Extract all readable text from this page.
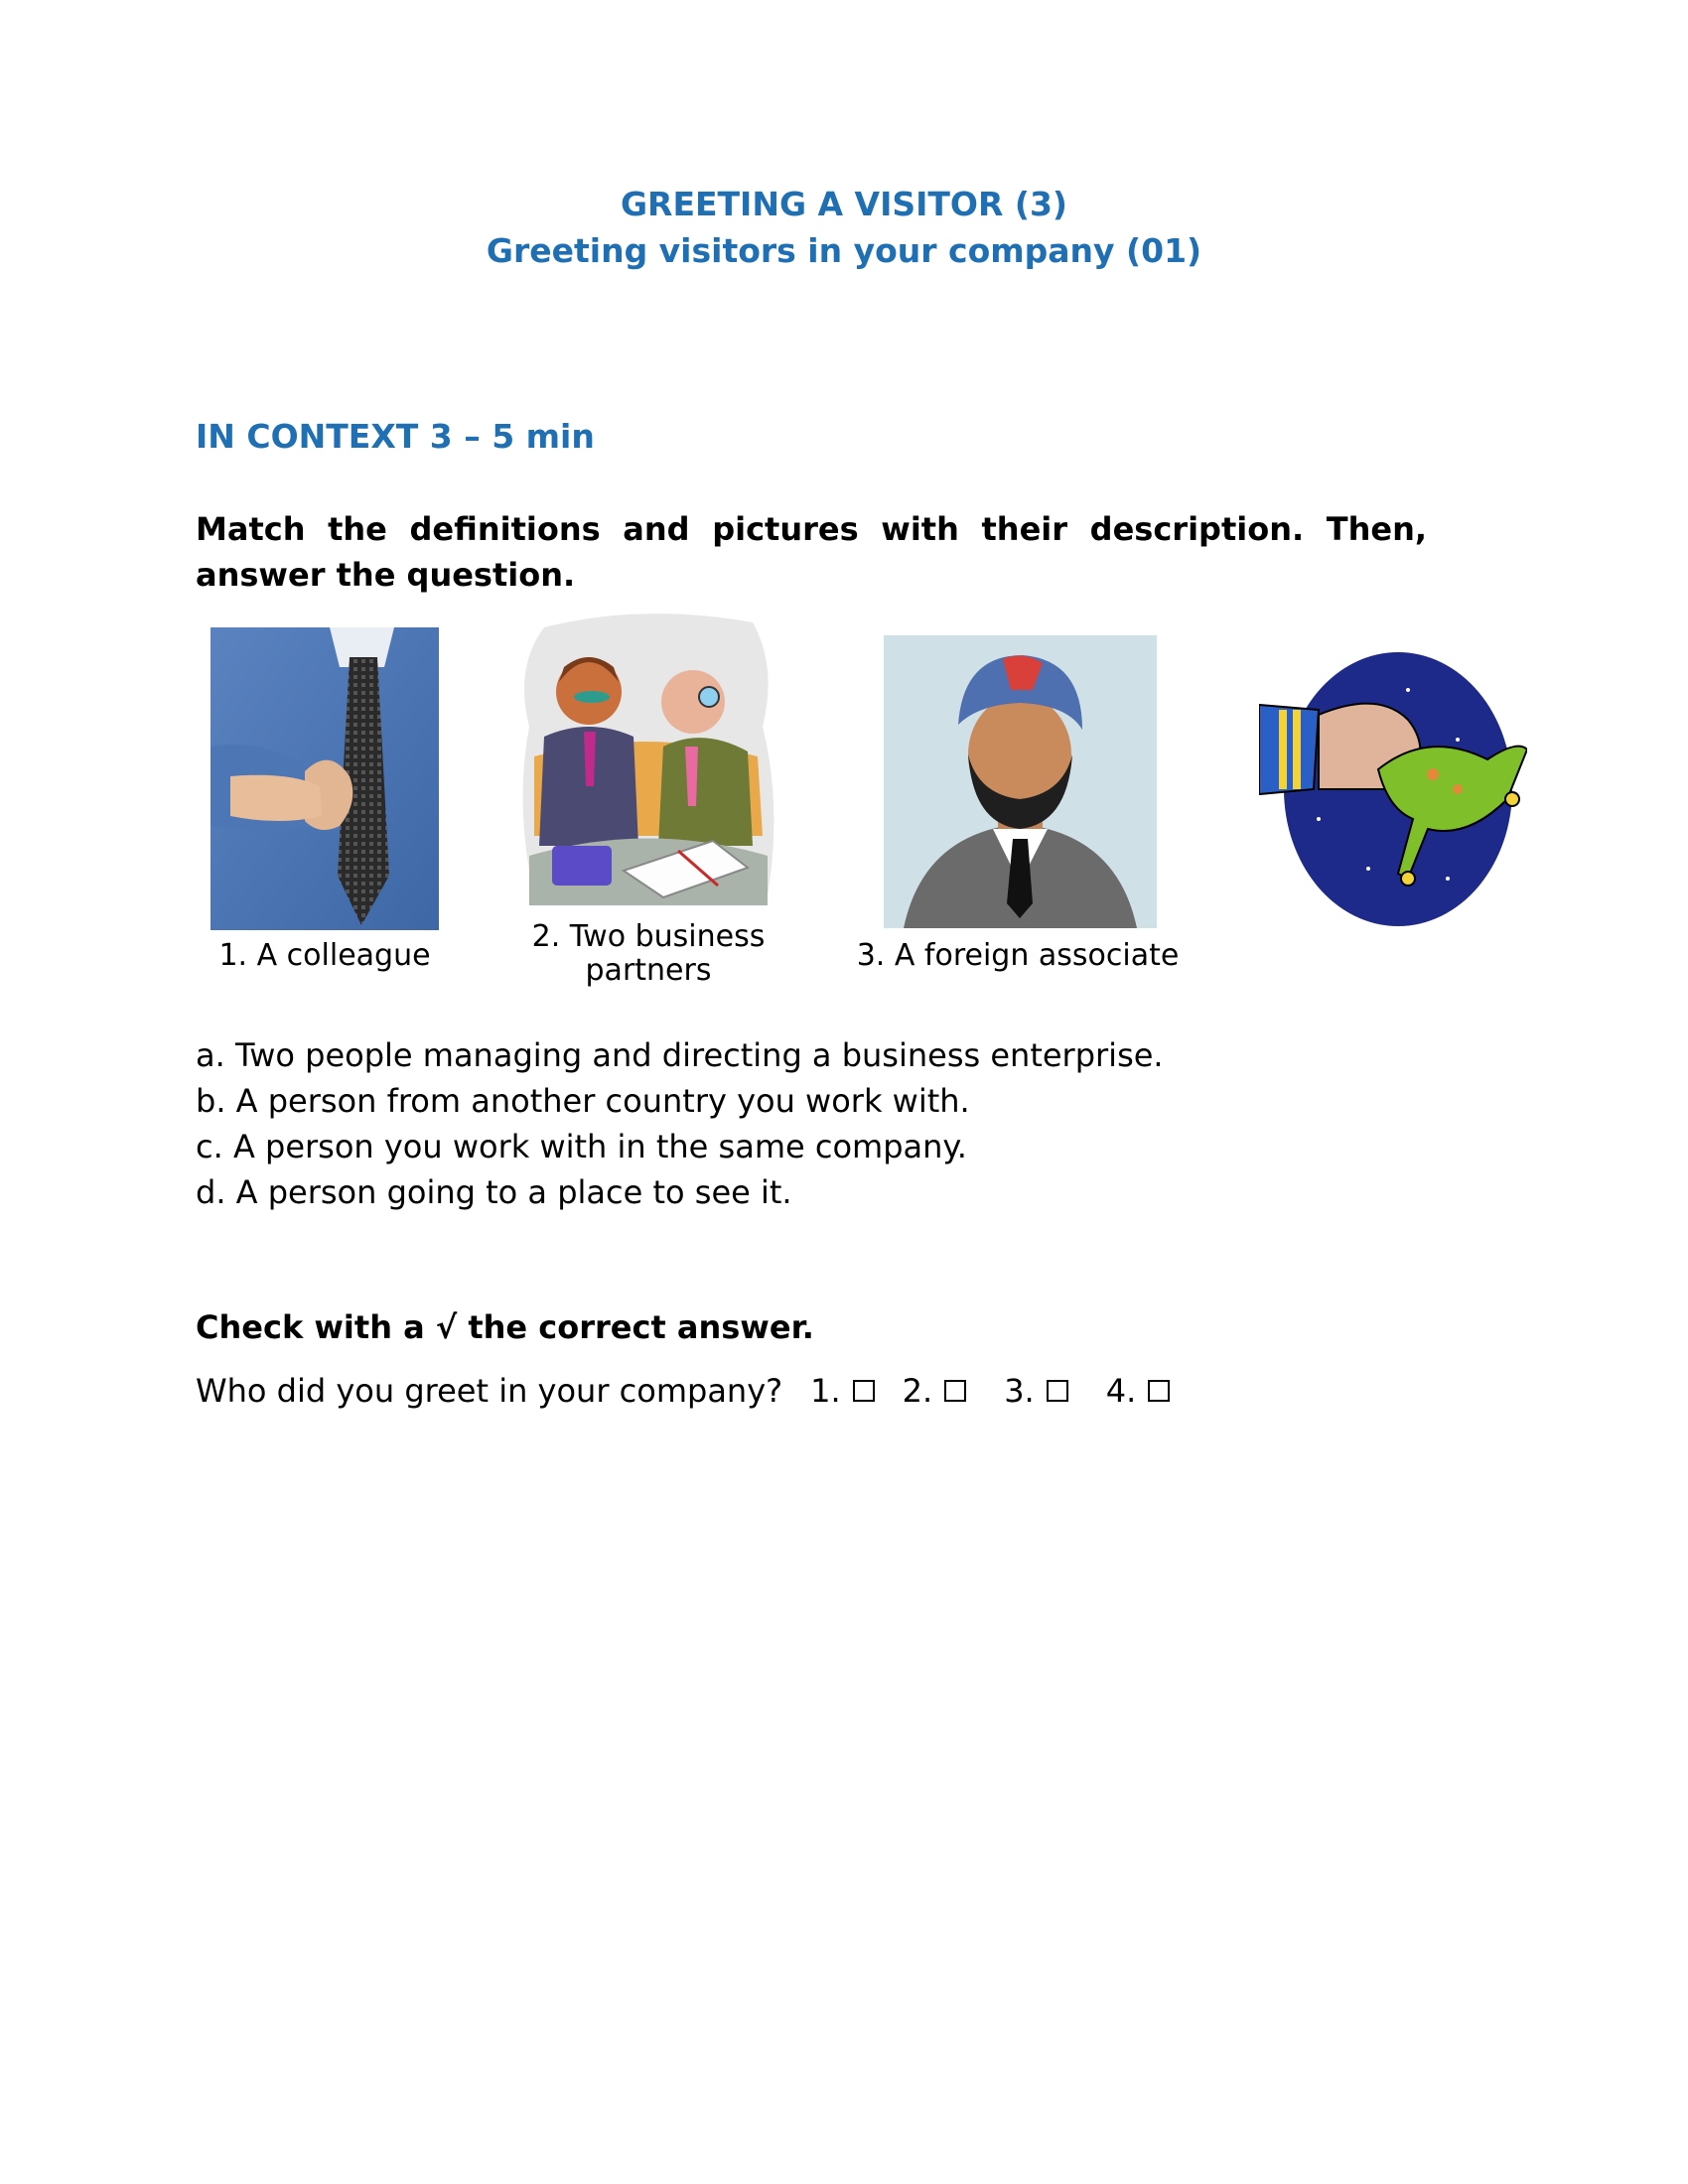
GREETING A VISITOR (3)
Greeting visitors in your company (01)
IN CONTEXT 3 – 5 min

Match the definitions and pictures with their description. Then, answer the question.

1. A colleague

2. Two business
partners	3. A foreign associate

a. Two people managing and directing a business enterprise.
b. A person from another country you work with.
c. A person you work with in the same company.
d. A person going to a place to see it.

Check with a √ the correct answer.

Who did you greet in your company? 1. 2. 3. 4.
